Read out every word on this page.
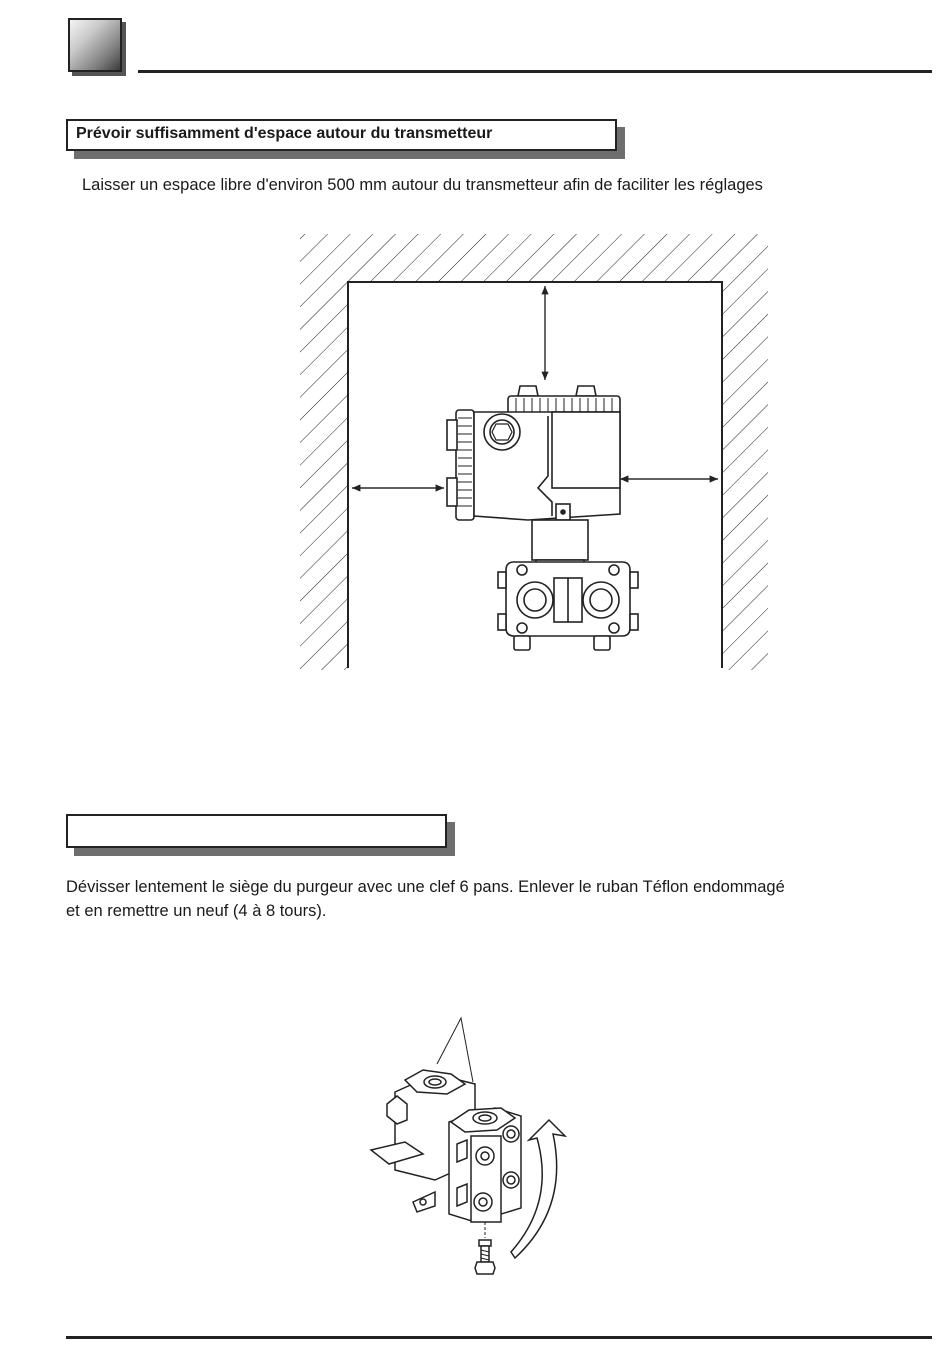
Prévoir suffisamment d'espace autour du transmetteur
Laisser un espace libre d'environ 500 mm autour du transmetteur afin de faciliter les réglages
Dévisser lentement le siège du purgeur avec une clef 6 pans. Enlever le ruban Téflon endommagé
et en remettre un neuf (4 à 8 tours).
